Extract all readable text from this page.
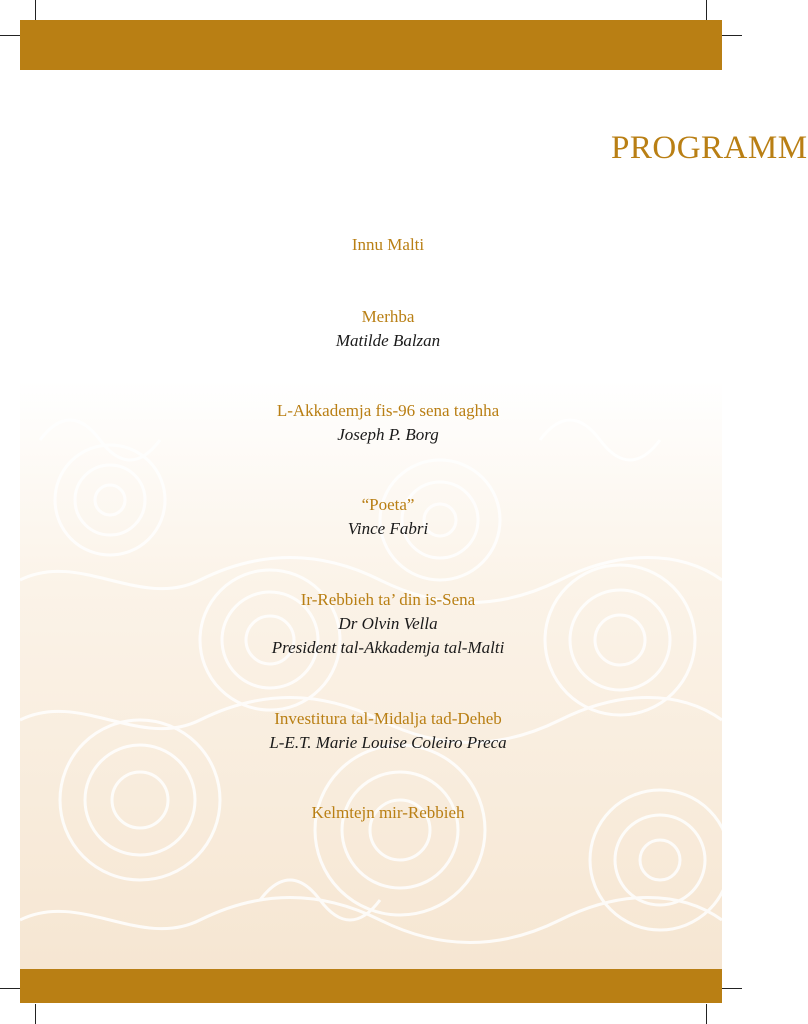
PROGRAMM
Innu Malti
Merhba
Matilde Balzan
L-Akkademja fis-96 sena taghha
Joseph P. Borg
“Poeta”
Vince Fabri
Ir-Rebbieh ta’ din is-Sena
Dr Olvin Vella
President tal-Akkademja tal-Malti
Investitura tal-Midalja tad-Deheb
L-E.T. Marie Louise Coleiro Preca
Kelmtejn mir-Rebbieh
